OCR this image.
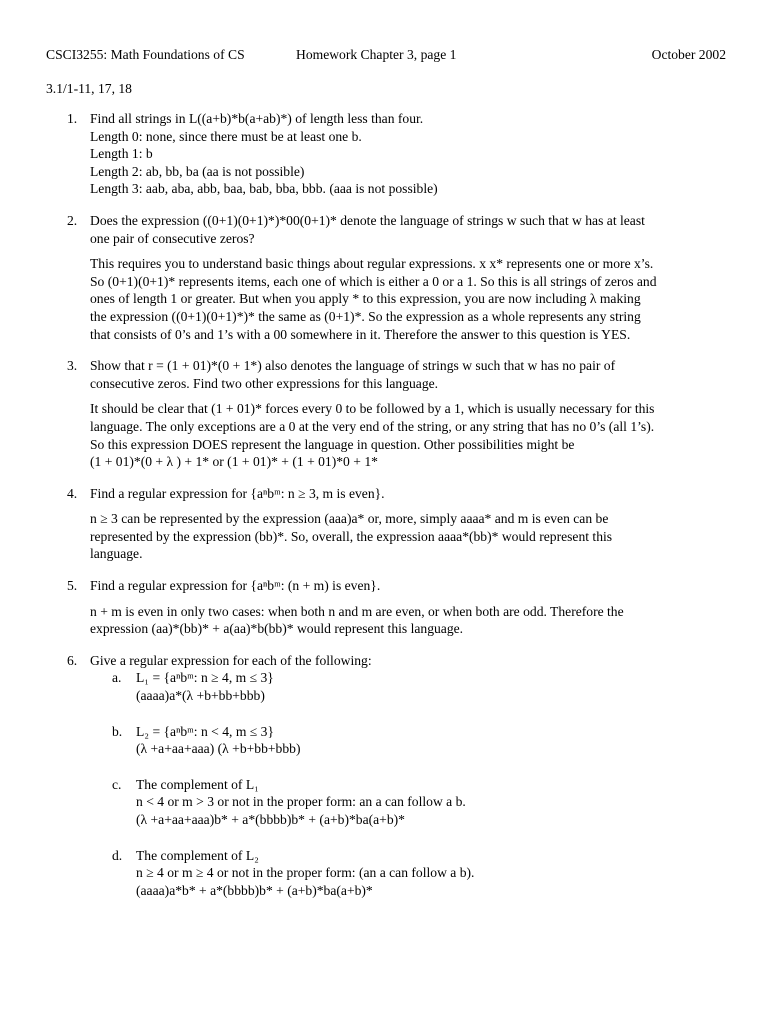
CSCI3255: Math Foundations of CS	Homework Chapter 3, page 1	October 2002
3.1/1-11, 17, 18
1. Find all strings in L((a+b)*b(a+ab)*) of length less than four.
Length 0: none, since there must be at least one b.
Length 1: b
Length 2: ab, bb, ba (aa is not possible)
Length 3: aab, aba, abb, baa, bab, bba, bbb. (aaa is not possible)
2. Does the expression ((0+1)(0+1)*)*00(0+1)* denote the language of strings w such that w has at least
one pair of consecutive zeros?
This requires you to understand basic things about regular expressions. x x* represents one or more x’s.
So (0+1)(0+1)* represents items, each one of which is either a 0 or a 1. So this is all strings of zeros and
ones of length 1 or greater. But when you apply * to this expression, you are now including λ making
the expression ((0+1)(0+1)*)* the same as (0+1)*. So the expression as a whole represents any string
that consists of 0’s and 1’s with a 00 somewhere in it. Therefore the answer to this question is YES.
3. Show that r = (1 + 01)*(0 + 1*) also denotes the language of strings w such that w has no pair of
consecutive zeros. Find two other expressions for this language.
It should be clear that (1 + 01)* forces every 0 to be followed by a 1, which is usually necessary for this
language. The only exceptions are a 0 at the very end of the string, or any string that has no 0’s (all 1’s).
So this expression DOES represent the language in question. Other possibilities might be
(1 + 01)*(0 + λ ) + 1* or (1 + 01)* + (1 + 01)*0 + 1*
4. Find a regular expression for {aⁿbᵐ: n ≥ 3, m is even}.
n ≥ 3 can be represented by the expression (aaa)a* or, more, simply aaaa* and m is even can be
represented by the expression (bb)*. So, overall, the expression aaaa*(bb)* would represent this
language.
5. Find a regular expression for {aⁿbᵐ: (n + m) is even}.
n + m is even in only two cases: when both n and m are even, or when both are odd. Therefore the
expression (aa)*(bb)* + a(aa)*b(bb)* would represent this language.
6. Give a regular expression for each of the following:
a. L₁ = {aⁿbᵐ: n ≥ 4, m ≤ 3}
(aaaa)a*(λ +b+bb+bbb)
b. L₂ = {aⁿbᵐ: n < 4, m ≤ 3}
(λ +a+aa+aaa) (λ +b+bb+bbb)
c. The complement of L₁
n < 4 or m > 3 or not in the proper form: an a can follow a b.
(λ +a+aa+aaa)b* + a*(bbbb)b* + (a+b)*ba(a+b)*
d. The complement of L₂
n ≥ 4 or m ≥ 4 or not in the proper form: (an a can follow a b).
(aaaa)a*b* + a*(bbbb)b* + (a+b)*ba(a+b)*
